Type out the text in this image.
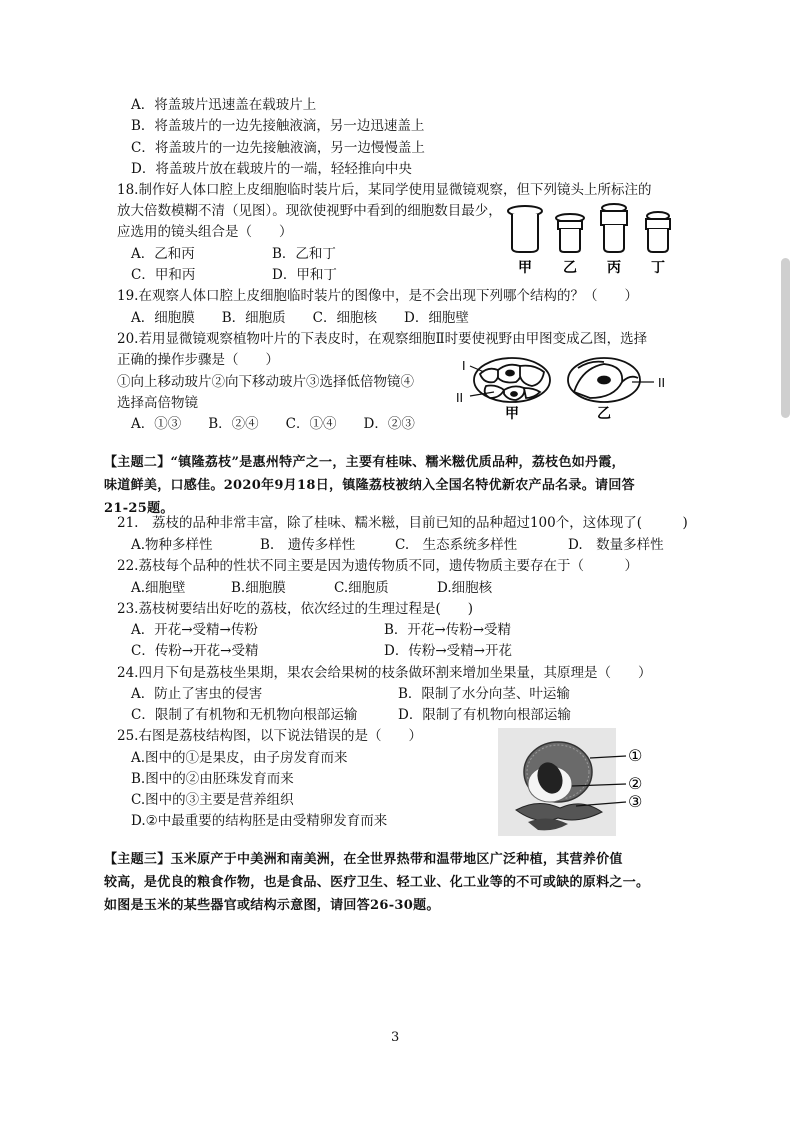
A．将盖玻片迅速盖在载玻片上
B．将盖玻片的一边先接触液滴，另一边迅速盖上
C．将盖玻片的一边先接触液滴，另一边慢慢盖上
D．将盖玻片放在载玻片的一端，轻轻推向中央
18.制作好人体口腔上皮细胞临时装片后，某同学使用显微镜观察，但下列镜头上所标注的
放大倍数模糊不清（见图）。现欲使视野中看到的细胞数目最少，
应选用的镜头组合是（　　）
A．乙和丙	B．乙和丁
C．甲和丙	D．甲和丁	甲 乙 丙 丁
19.在观察人体口腔上皮细胞临时装片的图像中，是不会出现下列哪个结构的？（　　）
A．细胞膜　　B．细胞质　　C．细胞核　　D．细胞壁
20.若用显微镜观察植物叶片的下表皮时，在观察细胞Ⅱ时要使视野由甲图变成乙图，选择
正确的操作步骤是（　　）
①向上移动玻片②向下移动玻片③选择低倍物镜④
选择高倍物镜
A．①③　　B．②④　　C．①④　　D．②③
I
II
甲
II
乙
【主题二】“镇隆荔枝”是惠州特产之一，主要有桂味、糯米糍优质品种，荔枝色如丹霞，
味道鲜美，口感佳。2020年9月18日，镇隆荔枝被纳入全国名特优新农产品名录。请回答
21-25题。
21.　荔枝的品种非常丰富，除了桂味、糯米糍，目前已知的品种超过100个，这体现了(　　　)
A.物种多样性	B.　遗传多样性	C.　生态系统多样性	D.　数量多样性
22.荔枝每个品种的性状不同主要是因为遗传物质不同，遗传物质主要存在于（　　　）
A.细胞壁	B.细胞膜	C.细胞质	D.细胞核
23.荔枝树要结出好吃的荔枝，依次经过的生理过程是(　　)
A．开花→受精→传粉	B．开花→传粉→受精
C．传粉→开花→受精	D．传粉→受精→开花
24.四月下旬是荔枝坐果期，果农会给果树的枝条做环割来增加坐果量，其原理是（　　）
A．防止了害虫的侵害	B．限制了水分向茎、叶运输
C．限制了有机物和无机物向根部运输	D．限制了有机物向根部运输
25.右图是荔枝结构图，以下说法错误的是（　　）
A.图中的①是果皮，由子房发育而来
B.图中的②由胚珠发育而来
C.图中的③主要是营养组织
D.②中最重要的结构胚是由受精卵发育而来
①
②
③
【主题三】玉米原产于中美洲和南美洲，在全世界热带和温带地区广泛种植，其营养价值
较高，是优良的粮食作物，也是食品、医疗卫生、轻工业、化工业等的不可或缺的原料之一。
如图是玉米的某些器官或结构示意图，请回答26-30题。
3
